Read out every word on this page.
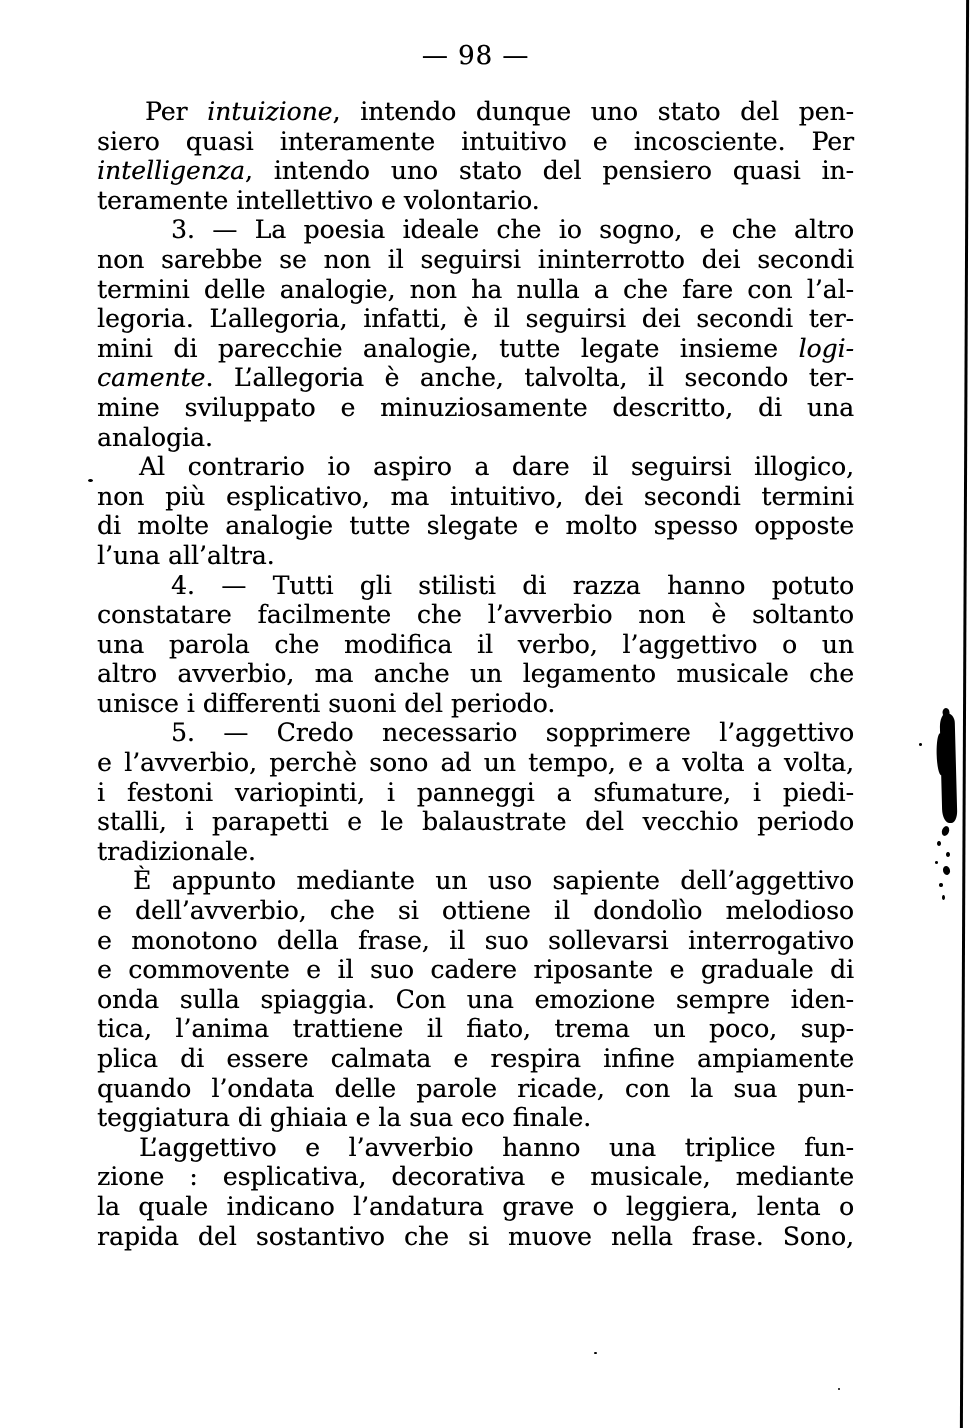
— 98 —
Per intuizione, intendo dunque uno stato del pen-
siero quasi interamente intuitivo e incosciente. Per
intelligenza, intendo uno stato del pensiero quasi in-
teramente intellettivo e volontario.
3. — La poesia ideale che io sogno, e che altro
non sarebbe se non il seguirsi ininterrotto dei secondi
termini delle analogie, non ha nulla a che fare con l’al-
legoria. L’allegoria, infatti, è il seguirsi dei secondi ter-
mini di parecchie analogie, tutte legate insieme logi-
camente. L’allegoria è anche, talvolta, il secondo ter-
mine sviluppato e minuziosamente descritto, di una
analogia.
Al contrario io aspiro a dare il seguirsi illogico,
non più esplicativo, ma intuitivo, dei secondi termini
di molte analogie tutte slegate e molto spesso opposte
l’una all’altra.
4. — Tutti gli stilisti di razza hanno potuto
constatare facilmente che l’avverbio non è soltanto
una parola che modifica il verbo, l’aggettivo o un
altro avverbio, ma anche un legamento musicale che
unisce i differenti suoni del periodo.
5. — Credo necessario sopprimere l’aggettivo
e l’avverbio, perchè sono ad un tempo, e a volta a volta,
i festoni variopinti, i panneggi a sfumature, i piedi-
stalli, i parapetti e le balaustrate del vecchio periodo
tradizionale.
È appunto mediante un uso sapiente dell’aggettivo
e dell’avverbio, che si ottiene il dondolìo melodioso
e monotono della frase, il suo sollevarsi interrogativo
e commovente e il suo cadere riposante e graduale di
onda sulla spiaggia. Con una emozione sempre iden-
tica, l’anima trattiene il fiato, trema un poco, sup-
plica di essere calmata e respira infine ampiamente
quando l’ondata delle parole ricade, con la sua pun-
teggiatura di ghiaia e la sua eco finale.
L’aggettivo e l’avverbio hanno una triplice fun-
zione : esplicativa, decorativa e musicale, mediante
la quale indicano l’andatura grave o leggiera, lenta o
rapida del sostantivo che si muove nella frase. Sono,
